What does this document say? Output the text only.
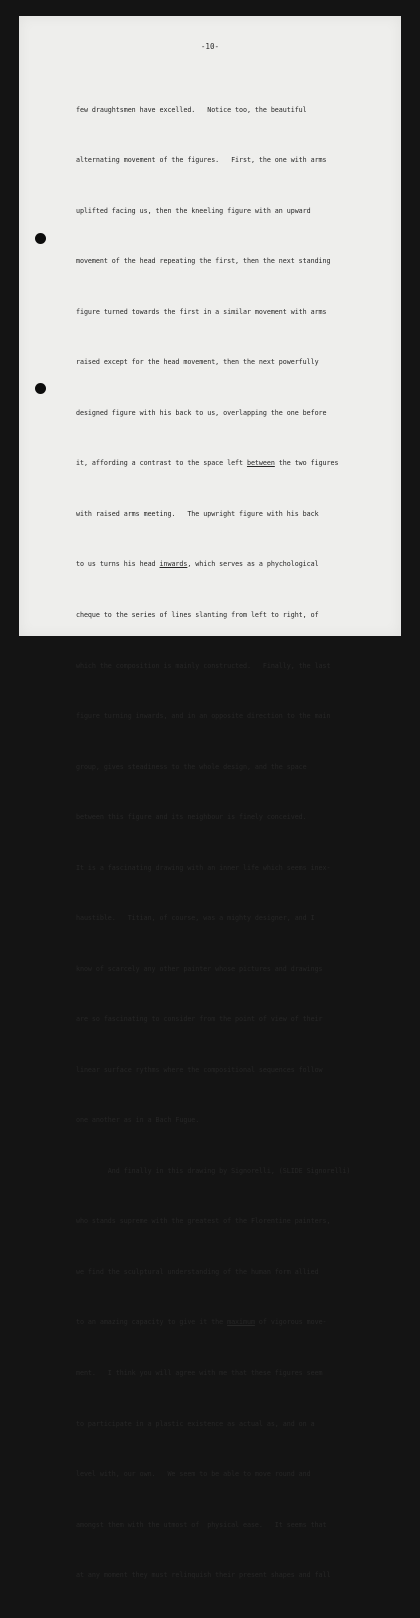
-10-

few draughtsmen have excelled.   Notice too, the beautiful

alternating movement of the figures.   First, the one with arms

uplifted facing us, then the kneeling figure with an upward

movement of the head repeating the first, then the next standing

figure turned towards the first in a similar movement with arms

raised except for the head movement, then the next powerfully

designed figure with his back to us, overlapping the one before

it, affording a contrast to the space left between the two figures

with raised arms meeting.   The upwright figure with his back

to us turns his head inwards, which serves as a phychological

cheque to the series of lines slanting from left to right, of

which the composition is mainly constructed.   Finally, the last

figure turning inwards, and in an opposite direction to the main

group, gives steadiness to the whole design, and the space

between this figure and its neighbour is finely conceived.

It is a fascinating drawing with an inner life which seems inex-

haustible.   Titian, of course, was a mighty designer, and I

know of scarcely any other painter whose pictures and drawings

are so fascinating to consider from the point of view of their

linear surface rythms where the compositional sequences follow

one another as in a Bach Fugue.

And finally in this drawing by Signorelli, (SLIDE Signorelli)

who stands supreme with the greatest of the Florentine painters,

we find the sculptural understanding of the human form allied

to an amazing capacity to give it the maximum of vigorous move-

ment.   I think you will agree with me that these figures seem

to participate in a plastic existence as actual as, and on a

level with, our own.   We seem to be able to move round and

amongst them with the utmost of  physical ease.   It seems that

at any moment they must relinquish their present shapes and fall
